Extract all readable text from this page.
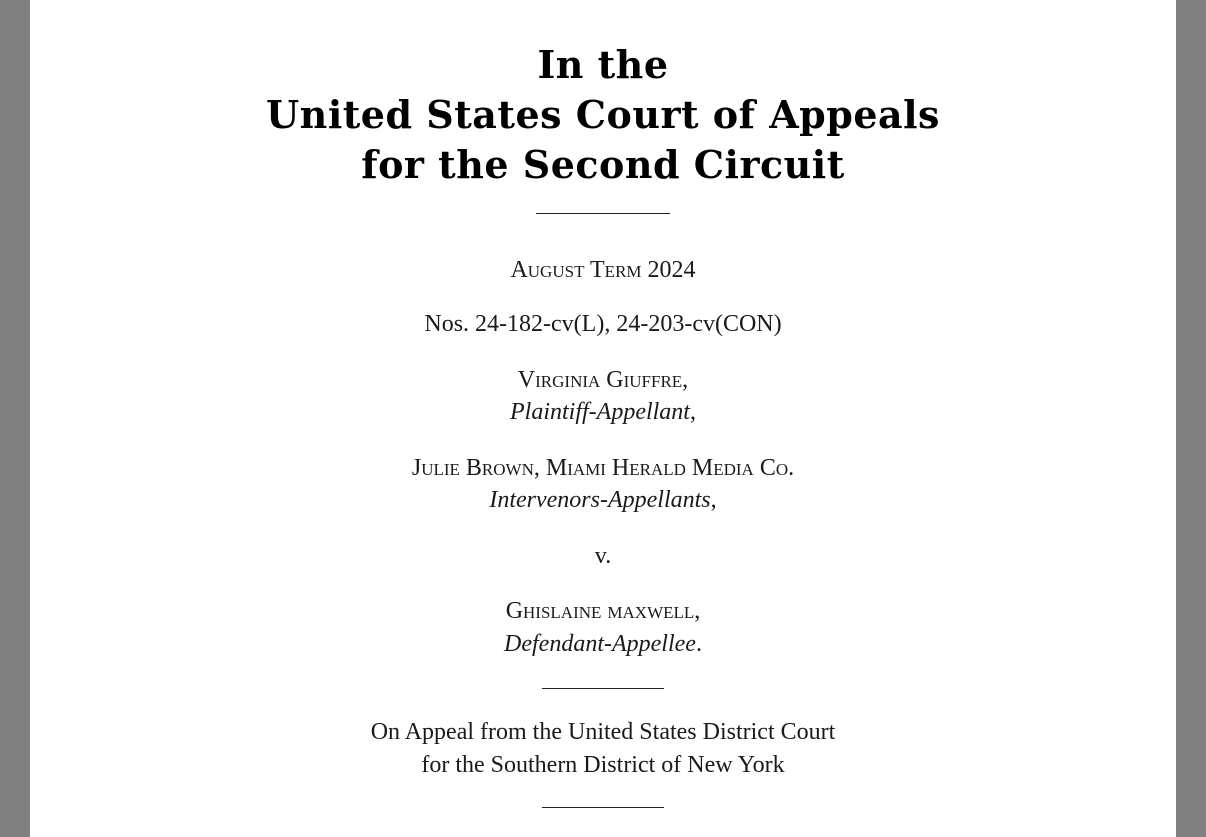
In the
United States Court of Appeals
for the Second Circuit
August Term 2024
Nos. 24-182-cv(L), 24-203-cv(CON)
Virginia Giuffre,
Plaintiff-Appellant,
Julie Brown, Miami Herald Media Co.
Intervenors-Appellants,
v.
Ghislaine maxwell,
Defendant-Appellee.
On Appeal from the United States District Court
for the Southern District of New York
